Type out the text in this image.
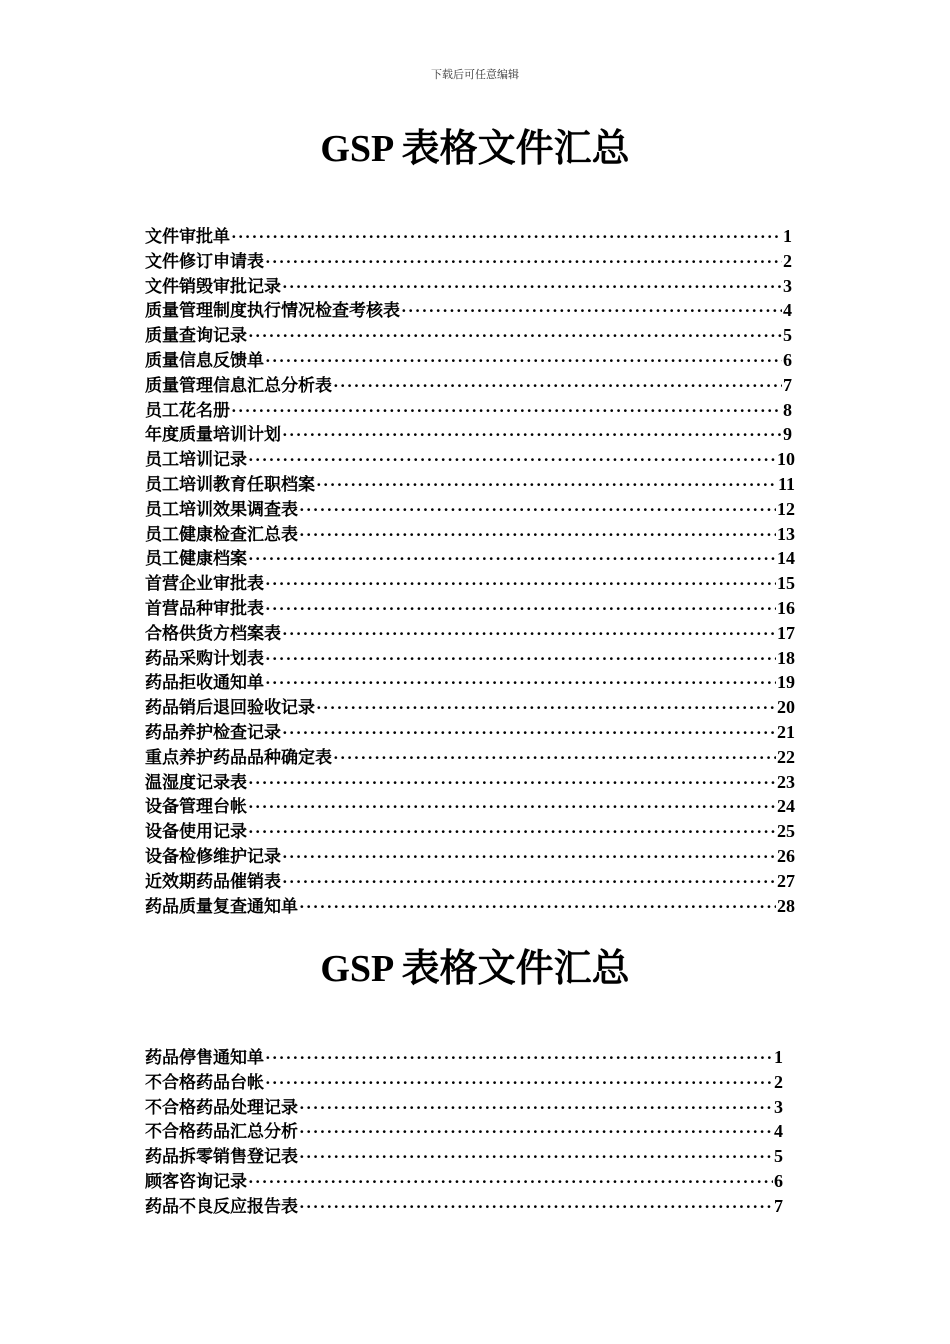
下载后可任意编辑
GSP 表格文件汇总
文件审批单 ·····	1
文件修订申请表 ·····	2
文件销毁审批记录 ·····	3
质量管理制度执行情况检查考核表 ·····	4
质量查询记录 ·····	5
质量信息反馈单 ·····	6
质量管理信息汇总分析表 ·····	7
员工花名册 ·····	8
年度质量培训计划 ·····	9
员工培训记录 ·····	10
员工培训教育任职档案 ·····	11
员工培训效果调查表 ·····	12
员工健康检查汇总表 ·····	13
员工健康档案 ·····	14
首营企业审批表 ·····	15
首营品种审批表 ·····	16
合格供货方档案表 ·····	17
药品采购计划表 ·····	18
药品拒收通知单 ·····	19
药品销后退回验收记录 ·····	20
药品养护检查记录 ·····	21
重点养护药品品种确定表 ·····	22
温湿度记录表 ·····	23
设备管理台帐 ·····	24
设备使用记录 ·····	25
设备检修维护记录 ·····	26
近效期药品催销表 ·····	27
药品质量复查通知单 ·····	28
GSP 表格文件汇总
药品停售通知单 ·····	1
不合格药品台帐 ·····	2
不合格药品处理记录 ·····	3
不合格药品汇总分析 ·····	4
药品拆零销售登记表 ·····	5
顾客咨询记录 ·····	6
药品不良反应报告表 ·····	7
